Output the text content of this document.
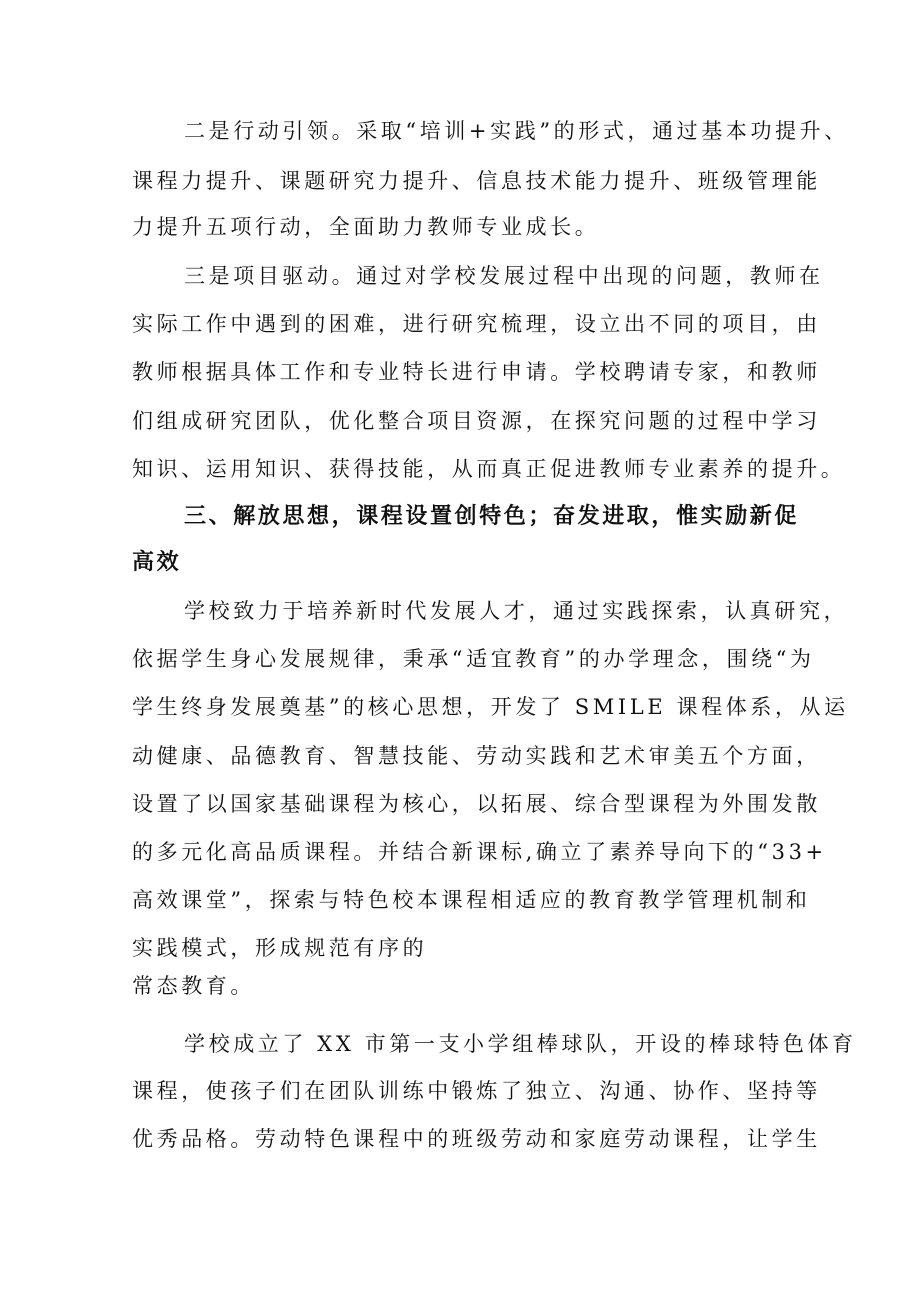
二是行动引领。采取“培训+实践”的形式，通过基本功提升、
课程力提升、课题研究力提升、信息技术能力提升、班级管理能
力提升五项行动，全面助力教师专业成长。
三是项目驱动。通过对学校发展过程中出现的问题，教师在
实际工作中遇到的困难，进行研究梳理，设立出不同的项目，由
教师根据具体工作和专业特长进行申请。学校聘请专家，和教师
们组成研究团队，优化整合项目资源，在探究问题的过程中学习
知识、运用知识、获得技能，从而真正促进教师专业素养的提升。
三、解放思想，课程设置创特色；奋发进取，惟实励新促
高效
学校致力于培养新时代发展人才，通过实践探索，认真研究，
依据学生身心发展规律，秉承“适宜教育”的办学理念，围绕“为
学生终身发展奠基”的核心思想，开发了 SMILE 课程体系，从运
动健康、品德教育、智慧技能、劳动实践和艺术审美五个方面，
设置了以国家基础课程为核心，以拓展、综合型课程为外围发散
的多元化高品质课程。并结合新课标,确立了素养导向下的“33+
高效课堂”，探索与特色校本课程相适应的教育教学管理机制和
实践模式，形成规范有序的
常态教育。
学校成立了 XX 市第一支小学组棒球队，开设的棒球特色体育
课程，使孩子们在团队训练中锻炼了独立、沟通、协作、坚持等
优秀品格。劳动特色课程中的班级劳动和家庭劳动课程，让学生
